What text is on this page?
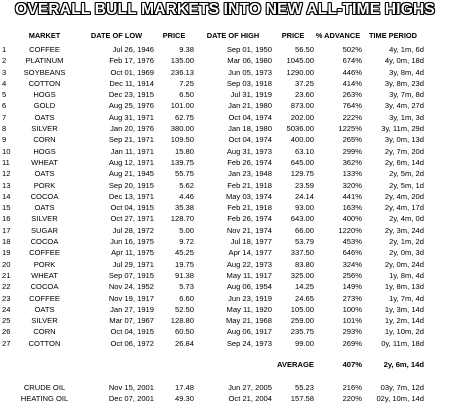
OVERALL BULL MARKETS INTO NEW ALL-TIME HIGHS
	MARKET	DATE OF LOW	PRICE	DATE OF HIGH	PRICE	% ADVANCE	TIME PERIOD
1	COFFEE	Jul 26, 1946	9.38	Sep 01, 1950	56.50	502%	4y, 1m, 6d
2	PLATINUM	Feb 17, 1976	135.00	Mar 06, 1980	1045.00	674%	4y, 0m, 18d
3	SOYBEANS	Oct 01, 1969	236.13	Jun 05, 1973	1290.00	446%	3y, 8m, 4d
4	COTTON	Dec 11, 1914	7.25	Sep 03, 1918	37.25	414%	3y, 8m, 23d
5	HOGS	Dec 23, 1915	6.50	Jul 31, 1919	23.60	263%	3y, 7m, 8d
6	GOLD	Aug 25, 1976	101.00	Jan 21, 1980	873.00	764%	3y, 4m, 27d
7	OATS	Aug 31, 1971	62.75	Oct 04, 1974	202.00	222%	3y, 1m, 3d
8	SILVER	Jan 20, 1976	380.00	Jan 18, 1980	5036.00	1225%	3y, 11m, 29d
9	CORN	Sep 21, 1971	109.50	Oct 04, 1974	400.00	265%	3y, 0m, 13d
10	HOGS	Jan 11, 1971	15.80	Aug 31, 1973	63.10	299%	2y, 7m, 20d
11	WHEAT	Aug 12, 1971	139.75	Feb 26, 1974	645.00	362%	2y, 6m, 14d
12	OATS	Aug 21, 1945	55.75	Jan 23, 1948	129.75	133%	2y, 5m, 2d
13	PORK	Sep 20, 1915	5.62	Feb 21, 1918	23.59	320%	2y, 5m, 1d
14	COCOA	Dec 13, 1971	4.46	May 03, 1974	24.14	441%	2y, 4m, 20d
15	OATS	Oct 04, 1915	35.38	Feb 21, 1918	93.00	163%	2y, 4m, 17d
16	SILVER	Oct 27, 1971	128.70	Feb 26, 1974	643.00	400%	2y, 4m, 0d
17	SUGAR	Jul 28, 1972	5.00	Nov 21, 1974	66.00	1220%	2y, 3m, 24d
18	COCOA	Jun 16, 1975	9.72	Jul 18, 1977	53.79	453%	2y, 1m, 2d
19	COFFEE	Apr 11, 1975	45.25	Apr 14, 1977	337.50	646%	2y, 0m, 3d
20	PORK	Jul 29, 1971	19.75	Aug 22, 1973	83.80	324%	2y, 0m, 24d
21	WHEAT	Sep 07, 1915	91.38	May 11, 1917	325.00	256%	1y, 8m, 4d
22	COCOA	Nov 24, 1952	5.73	Aug 06, 1954	14.25	149%	1y, 8m, 13d
23	COFFEE	Nov 19, 1917	6.60	Jun 23, 1919	24.65	273%	1y, 7m, 4d
24	OATS	Jan 27, 1919	52.50	May 11, 1920	105.00	100%	1y, 3m, 14d
25	SILVER	Mar 07, 1967	128.80	May 21, 1968	259.00	101%	1y, 2m, 14d
26	CORN	Oct 04, 1915	60.50	Aug 06, 1917	235.75	293%	1y, 10m, 2d
27	COTTON	Oct 06, 1972	26.84	Sep 24, 1973	99.00	269%	0y, 11m, 18d

					AVERAGE	407%	2y, 6m, 14d

	CRUDE OIL	Nov 15, 2001	17.48	Jun 27, 2005	55.23	216%	03y, 7m, 12d
	HEATING OIL	Dec 07, 2001	49.30	Oct 21, 2004	157.58	220%	02y, 10m, 14d
